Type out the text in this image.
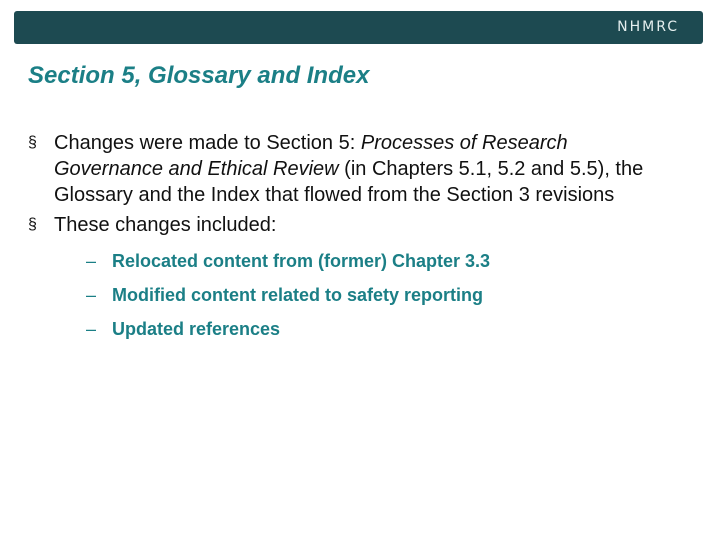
NHMRC
Section 5, Glossary and Index
§ Changes were made to Section 5: Processes of Research Governance and Ethical Review (in Chapters 5.1, 5.2 and 5.5), the Glossary and the Index that flowed from the Section 3 revisions
§ These changes included:
– Relocated content from (former) Chapter 3.3
– Modified content related to safety reporting
– Updated references
